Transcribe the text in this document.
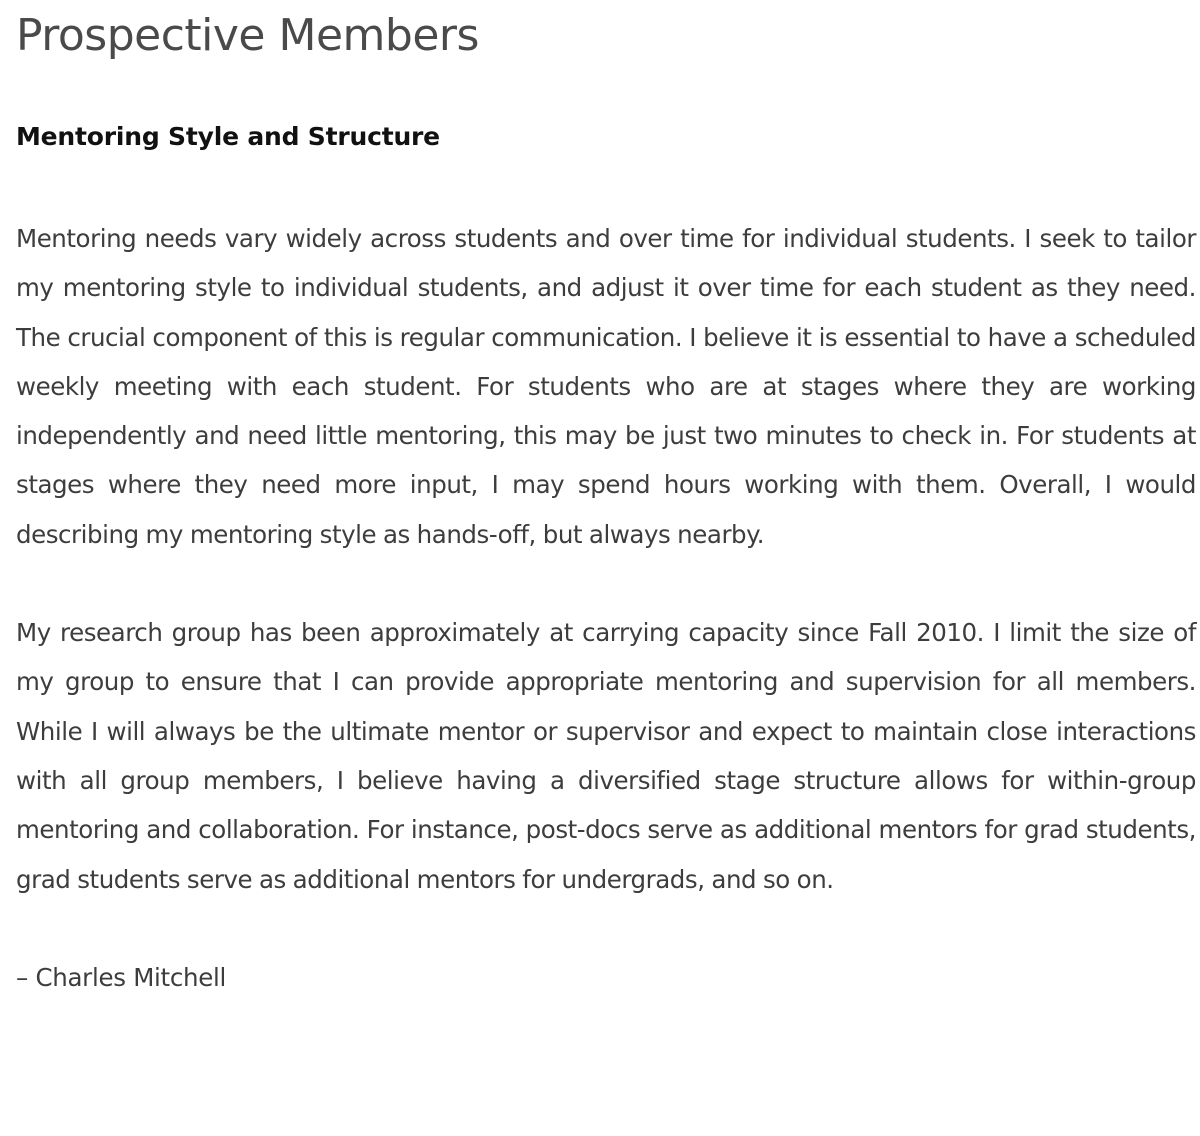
Prospective Members
Mentoring Style and Structure

Mentoring needs vary widely across students and over time for individual students. I seek to tailor my mentoring style to individual students, and adjust it over time for each student as they need. The crucial component of this is regular communication. I believe it is essential to have a scheduled weekly meeting with each student. For students who are at stages where they are working independently and need little mentoring, this may be just two minutes to check in. For students at stages where they need more input, I may spend hours working with them. Overall, I would describing my mentoring style as hands-off, but always nearby.

My research group has been approximately at carrying capacity since Fall 2010. I limit the size of my group to ensure that I can provide appropriate mentoring and supervision for all members. While I will always be the ultimate mentor or supervisor and expect to maintain close interactions with all group members, I believe having a diversified stage structure allows for within-group mentoring and collaboration. For instance, post-docs serve as additional mentors for grad students, grad students serve as additional mentors for undergrads, and so on.

– Charles Mitchell
